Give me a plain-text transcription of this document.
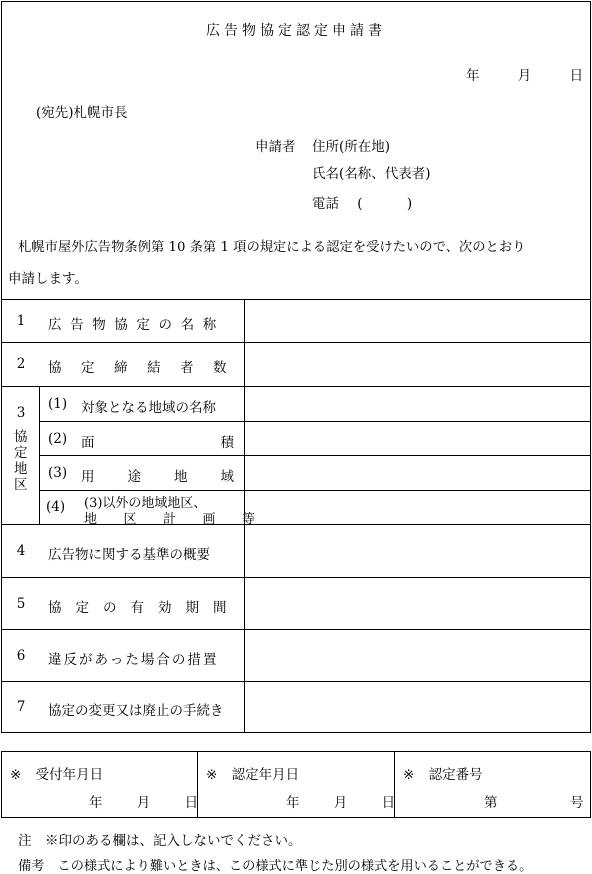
広告物協定認定申請書
年	月	日
(宛先)札幌市長
申請者 住所(所在地)
氏名(名称、代表者)
電話 (	)
札幌市屋外広告物条例第 10 条第 1 項の規定による認定を受けたいので、次のとおり
申請します。
1	広告物協定の名称
2	協定締結者数
3
協定地区
(1) 対象となる地域の名称
(2) 面	積
(3) 用途地域
(4) (3)以外の地域地区、
地区計画等
4	広告物に関する基準の概要
5	協定の有効期間
6	違反があった場合の措置
7	協定の変更又は廃止の手続き
※ 受付年月日
年	月	日
※ 認定年月日
年	月	日
※ 認定番号
第	号
注　※印のある欄は、記入しないでください。
備考　この様式により難いときは、この様式に準じた別の様式を用いることができる。
